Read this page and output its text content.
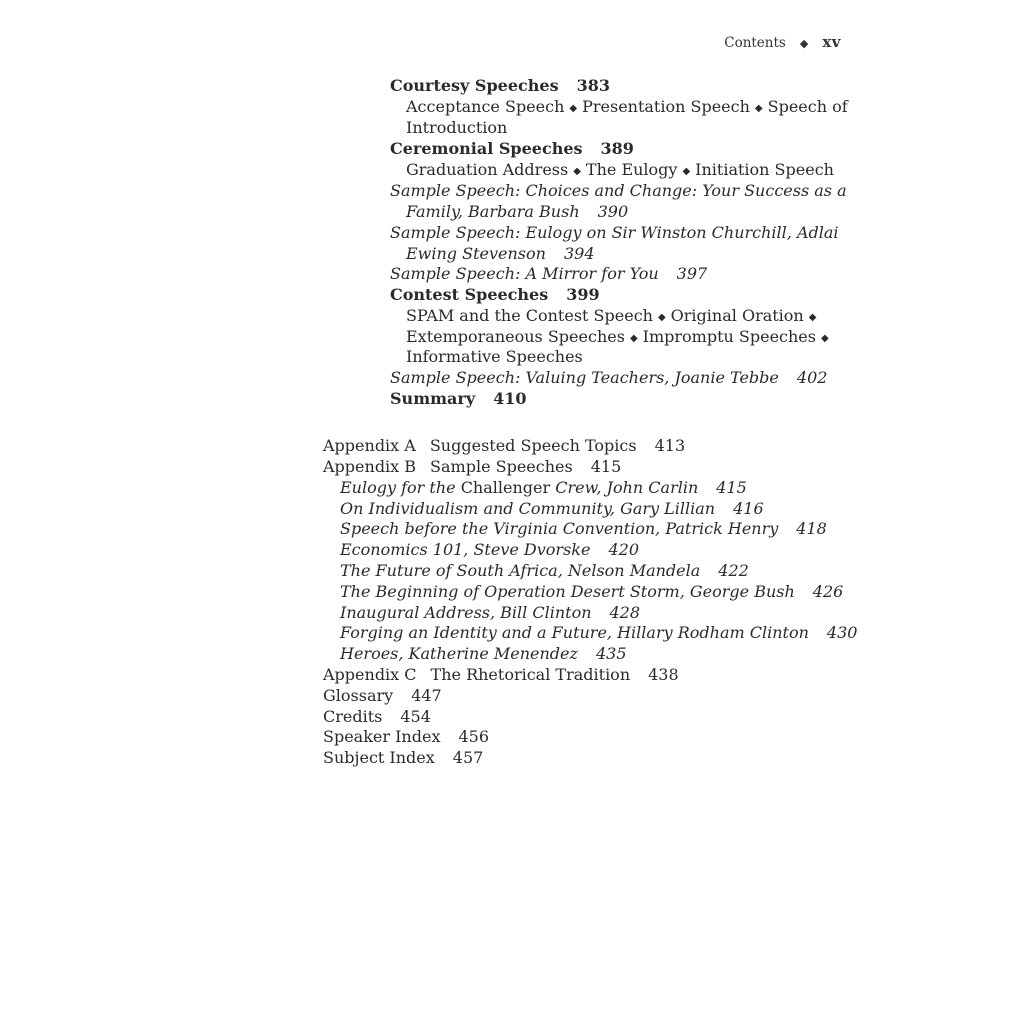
Contents ◆ xv
Courtesy Speeches 383
Acceptance Speech ◆ Presentation Speech ◆ Speech of
Introduction
Ceremonial Speeches 389
Graduation Address ◆ The Eulogy ◆ Initiation Speech
Sample Speech: Choices and Change: Your Success as a
Family, Barbara Bush 390
Sample Speech: Eulogy on Sir Winston Churchill, Adlai
Ewing Stevenson 394
Sample Speech: A Mirror for You 397
Contest Speeches 399
SPAM and the Contest Speech ◆ Original Oration ◆
Extemporaneous Speeches ◆ Impromptu Speeches ◆
Informative Speeches
Sample Speech: Valuing Teachers, Joanie Tebbe 402
Summary 410
Appendix A Suggested Speech Topics 413
Appendix B Sample Speeches 415
Eulogy for the Challenger Crew, John Carlin 415
On Individualism and Community, Gary Lillian 416
Speech before the Virginia Convention, Patrick Henry 418
Economics 101, Steve Dvorske 420
The Future of South Africa, Nelson Mandela 422
The Beginning of Operation Desert Storm, George Bush 426
Inaugural Address, Bill Clinton 428
Forging an Identity and a Future, Hillary Rodham Clinton 430
Heroes, Katherine Menendez 435
Appendix C The Rhetorical Tradition 438
Glossary 447
Credits 454
Speaker Index 456
Subject Index 457
